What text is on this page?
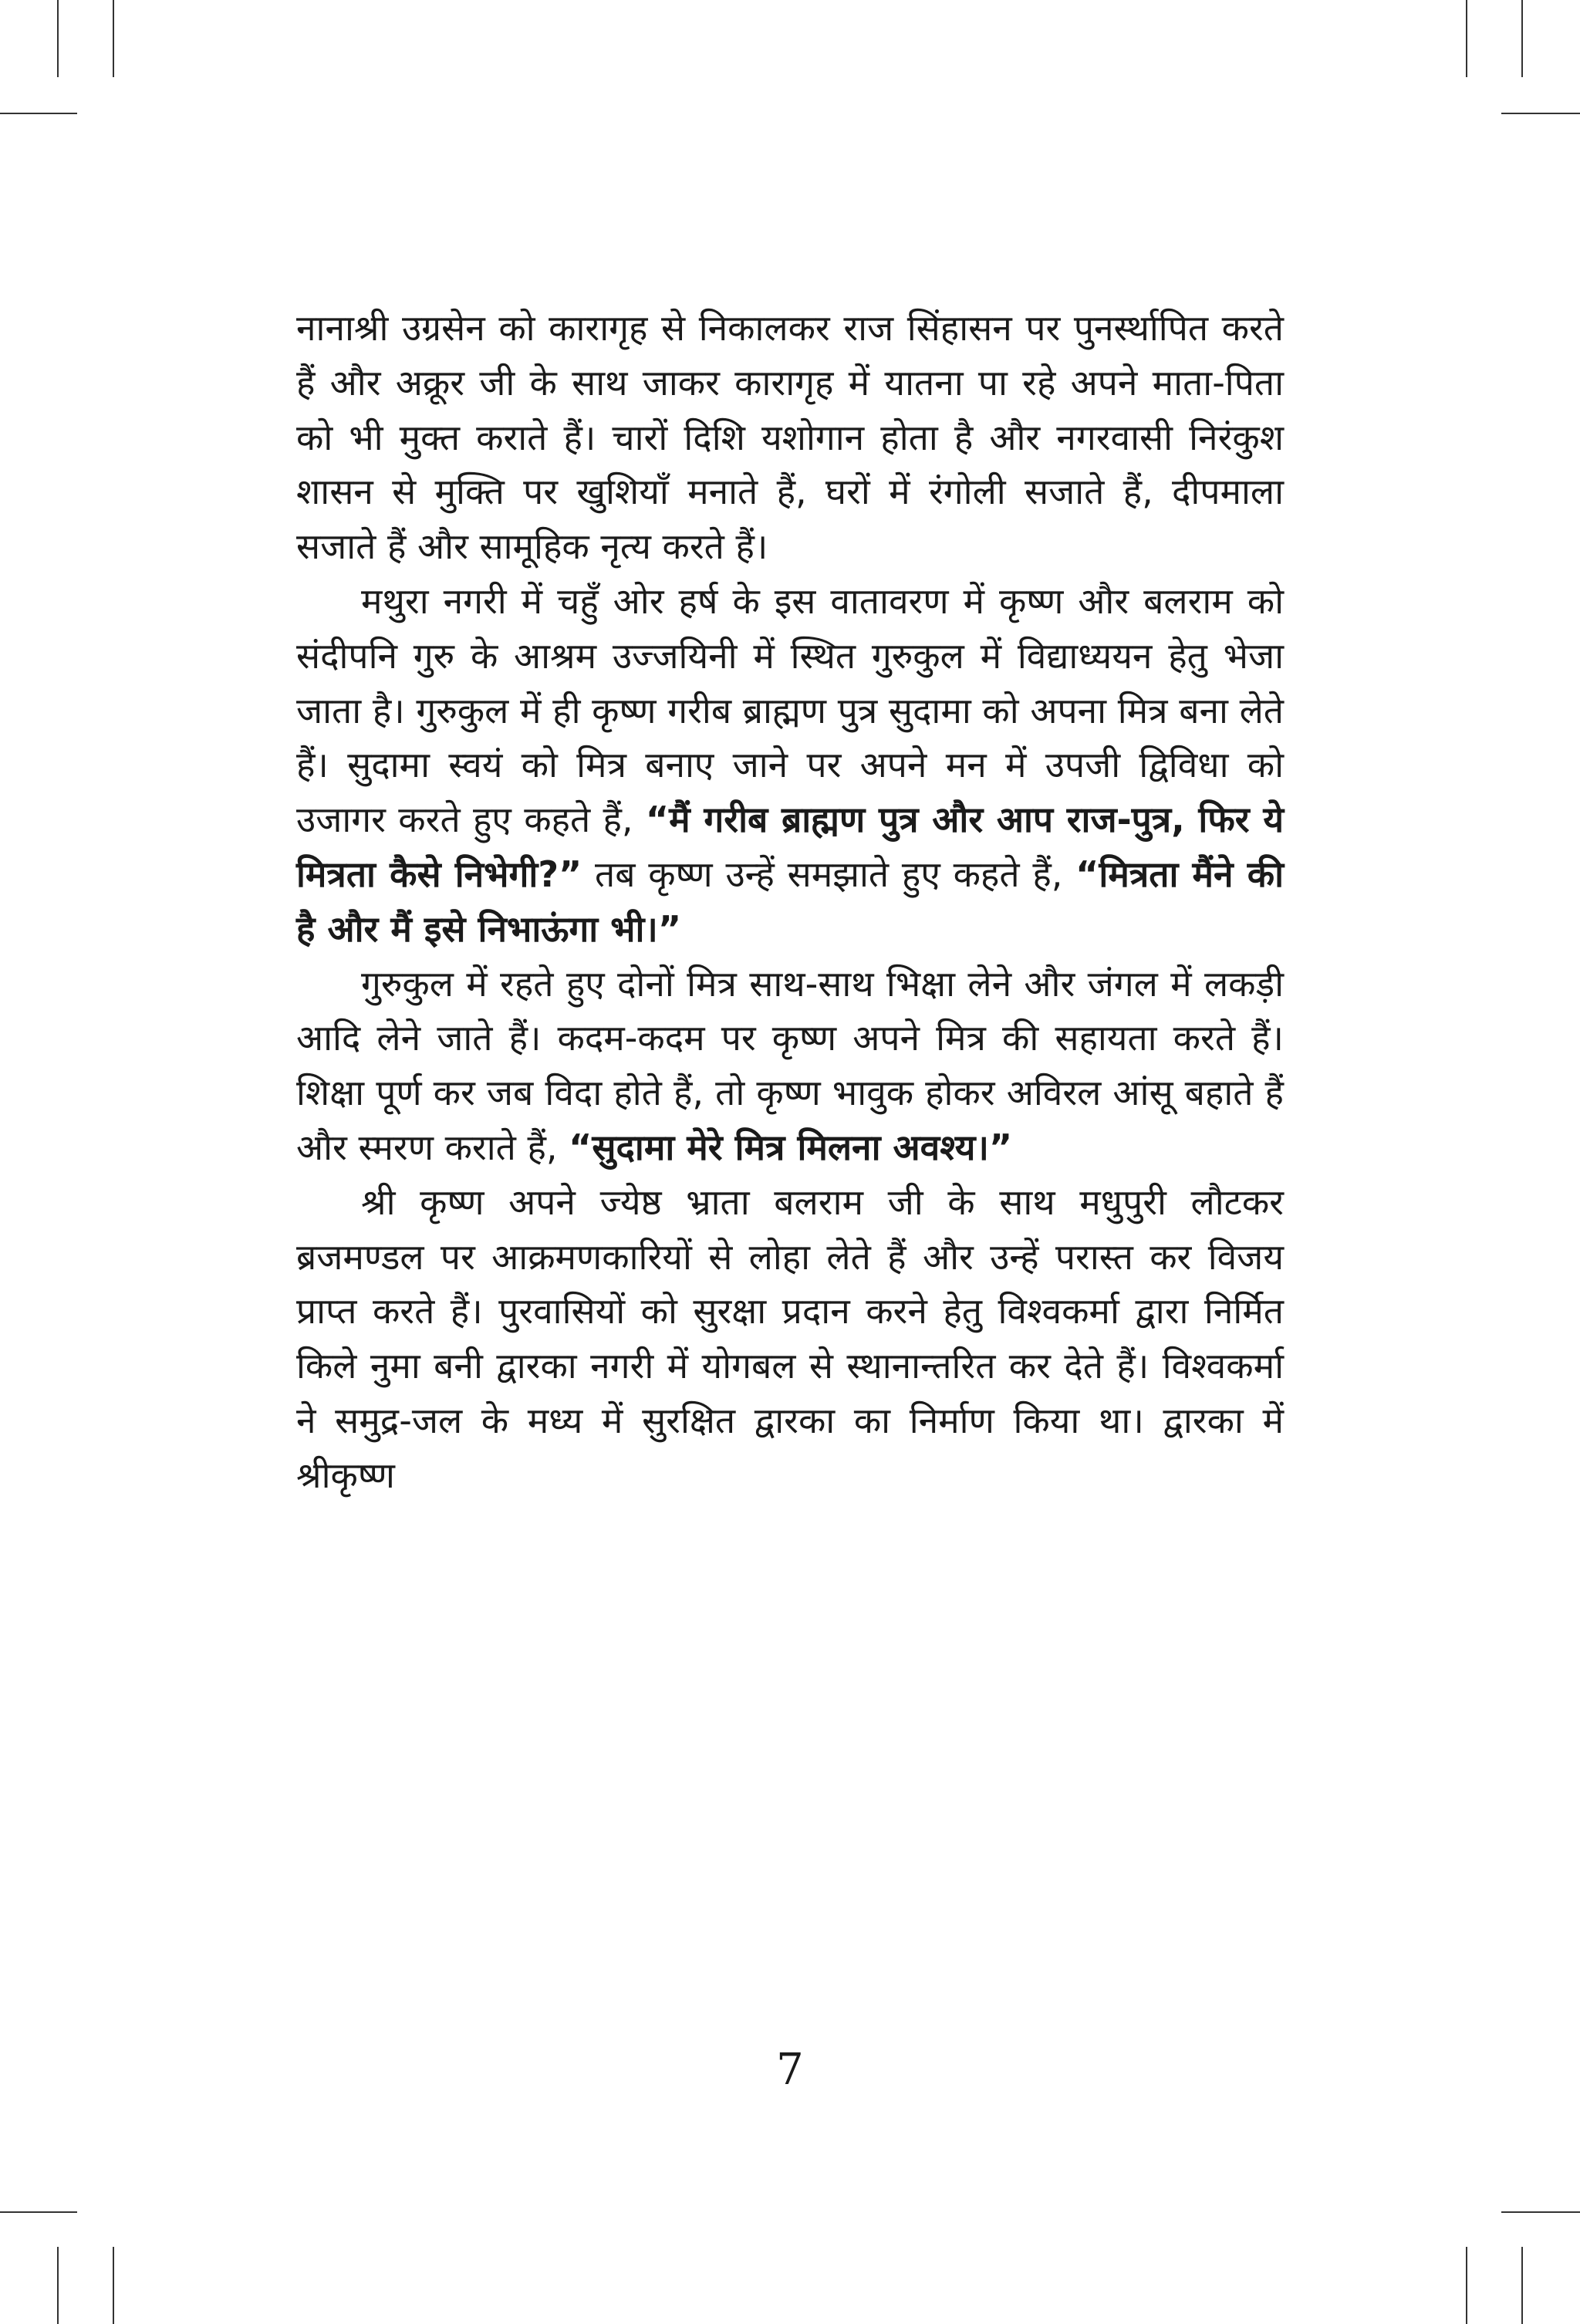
नानाश्री उग्रसेन को कारागृह से निकालकर राज सिंहासन पर पुनर्स्थापित करते हैं और अक्रूर जी के साथ जाकर कारागृह में यातना पा रहे अपने माता-पिता को भी मुक्त कराते हैं। चारों दिशि यशोगान होता है और नगरवासी निरंकुश शासन से मुक्ति पर खुशियाँ मनाते हैं, घरों में रंगोली सजाते हैं, दीपमाला सजाते हैं और सामूहिक नृत्य करते हैं।

मथुरा नगरी में चहुँ ओर हर्ष के इस वातावरण में कृष्ण और बलराम को संदीपनि गुरु के आश्रम उज्जयिनी में स्थित गुरुकुल में विद्याध्ययन हेतु भेजा जाता है। गुरुकुल में ही कृष्ण गरीब ब्राह्मण पुत्र सुदामा को अपना मित्र बना लेते हैं। सुदामा स्वयं को मित्र बनाए जाने पर अपने मन में उपजी द्विविधा को उजागर करते हुए कहते हैं, “मैं गरीब ब्राह्मण पुत्र और आप राज-पुत्र, फिर ये मित्रता कैसे निभेगी?” तब कृष्ण उन्हें समझाते हुए कहते हैं, “मित्रता मैंने की है और मैं इसे निभाऊंगा भी।”

गुरुकुल में रहते हुए दोनों मित्र साथ-साथ भिक्षा लेने और जंगल में लकड़ी आदि लेने जाते हैं। कदम-कदम पर कृष्ण अपने मित्र की सहायता करते हैं। शिक्षा पूर्ण कर जब विदा होते हैं, तो कृष्ण भावुक होकर अविरल आंसू बहाते हैं और स्मरण कराते हैं, “सुदामा मेरे मित्र मिलना अवश्य।”

श्री कृष्ण अपने ज्येष्ठ भ्राता बलराम जी के साथ मधुपुरी लौटकर ब्रजमण्डल पर आक्रमणकारियों से लोहा लेते हैं और उन्हें परास्त कर विजय प्राप्त करते हैं। पुरवासियों को सुरक्षा प्रदान करने हेतु विश्वकर्मा द्वारा निर्मित किले नुमा बनी द्वारका नगरी में योगबल से स्थानान्तरित कर देते हैं। विश्वकर्मा ने समुद्र-जल के मध्य में सुरक्षित द्वारका का निर्माण किया था। द्वारका में श्रीकृष्ण

7
